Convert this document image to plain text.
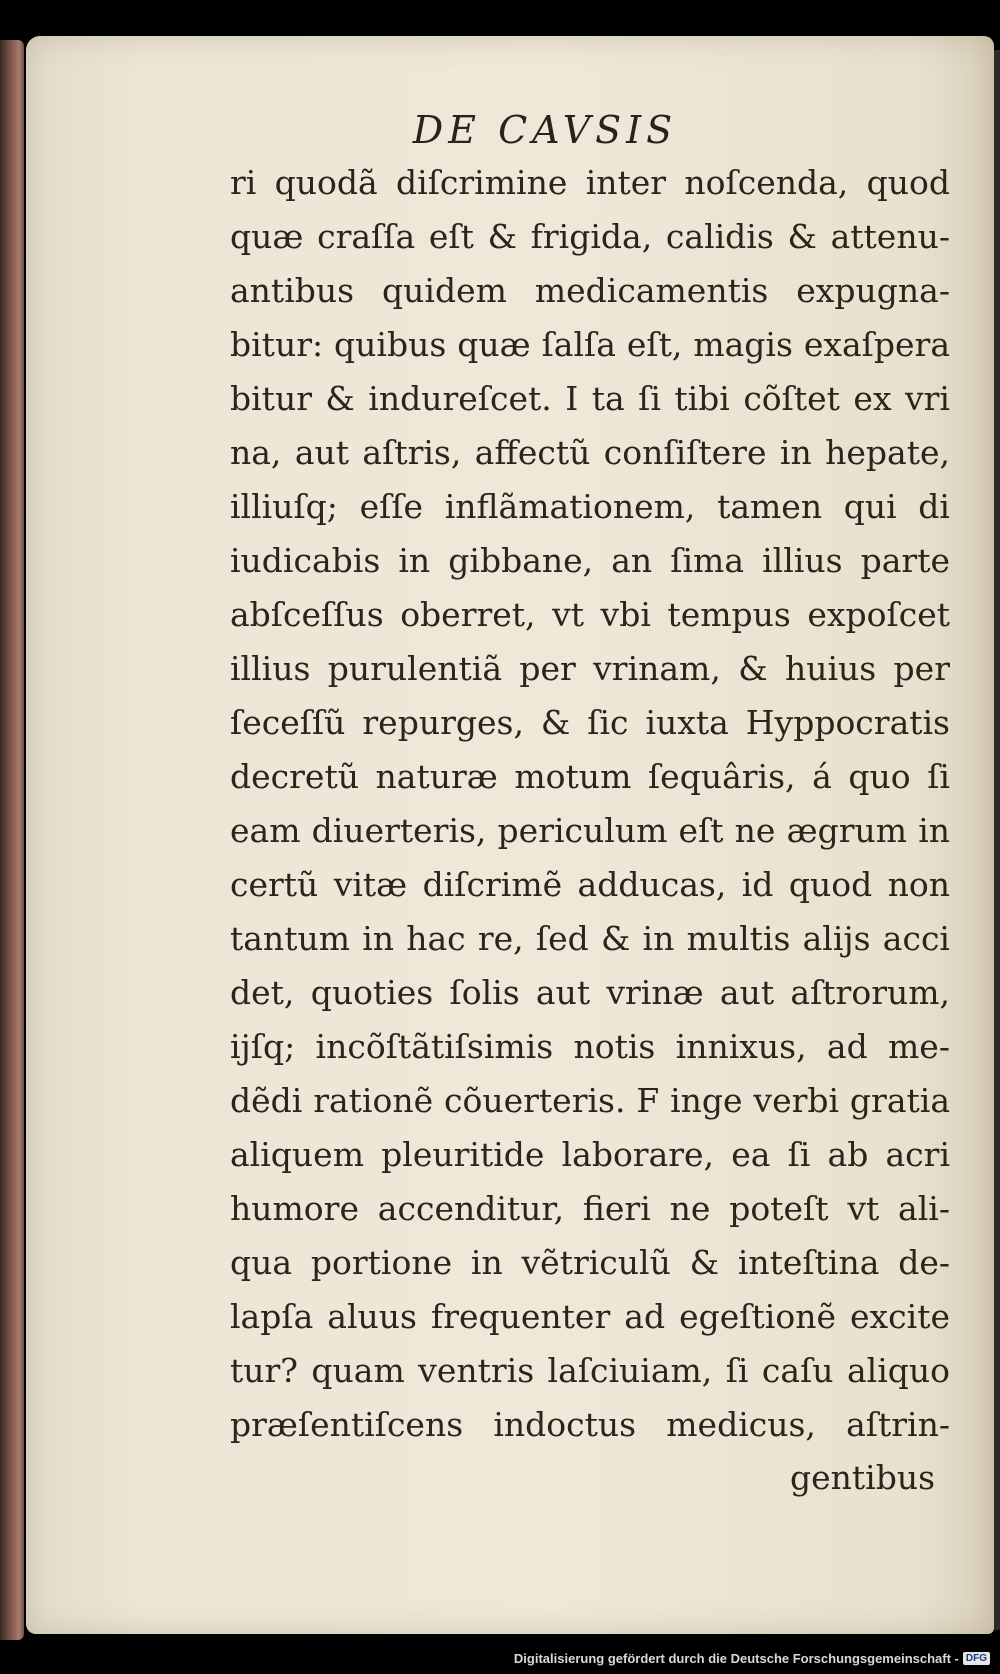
DE CAVSIS
ri quodã diſcrimine inter noſcenda, quod
quæ craſſa eſt & frigida, calidis & attenu-
antibus quidem medicamentis expugna-
bitur: quibus quæ ſalſa eſt, magis exaſpera
bitur & indureſcet. I ta ſi tibi cõſtet ex vri
na, aut aſtris, affectũ conſiſtere in hepate,
illiuſq; eſſe inflãmationem, tamen qui di
iudicabis in gibbane, an ſima illius parte
abſceſſus oberret, vt vbi tempus expoſcet
illius purulentiã per vrinam, & huius per
ſeceſſũ repurges, & ſic iuxta Hyppocratis
decretũ naturæ motum ſequâris, á quo ſi
eam diuerteris, periculum eſt ne ægrum in
certũ vitæ diſcrimẽ adducas, id quod non
tantum in hac re, ſed & in multis alijs acci
det, quoties ſolis aut vrinæ aut aſtrorum,
ijſq; incõſtãtiſsimis notis innixus, ad me-
dẽdi rationẽ cõuerteris. F inge verbi gratia
aliquem pleuritide laborare, ea ſi ab acri
humore accenditur, fieri ne poteſt vt ali-
qua portione in vẽtriculũ & inteſtina de-
lapſa aluus frequenter ad egeſtionẽ excite
tur? quam ventris laſciuiam, ſi caſu aliquo
præſentiſcens indoctus medicus, aſtrin-
gentibus
Digitalisierung gefördert durch die Deutsche Forschungsgemeinschaft - DFG
